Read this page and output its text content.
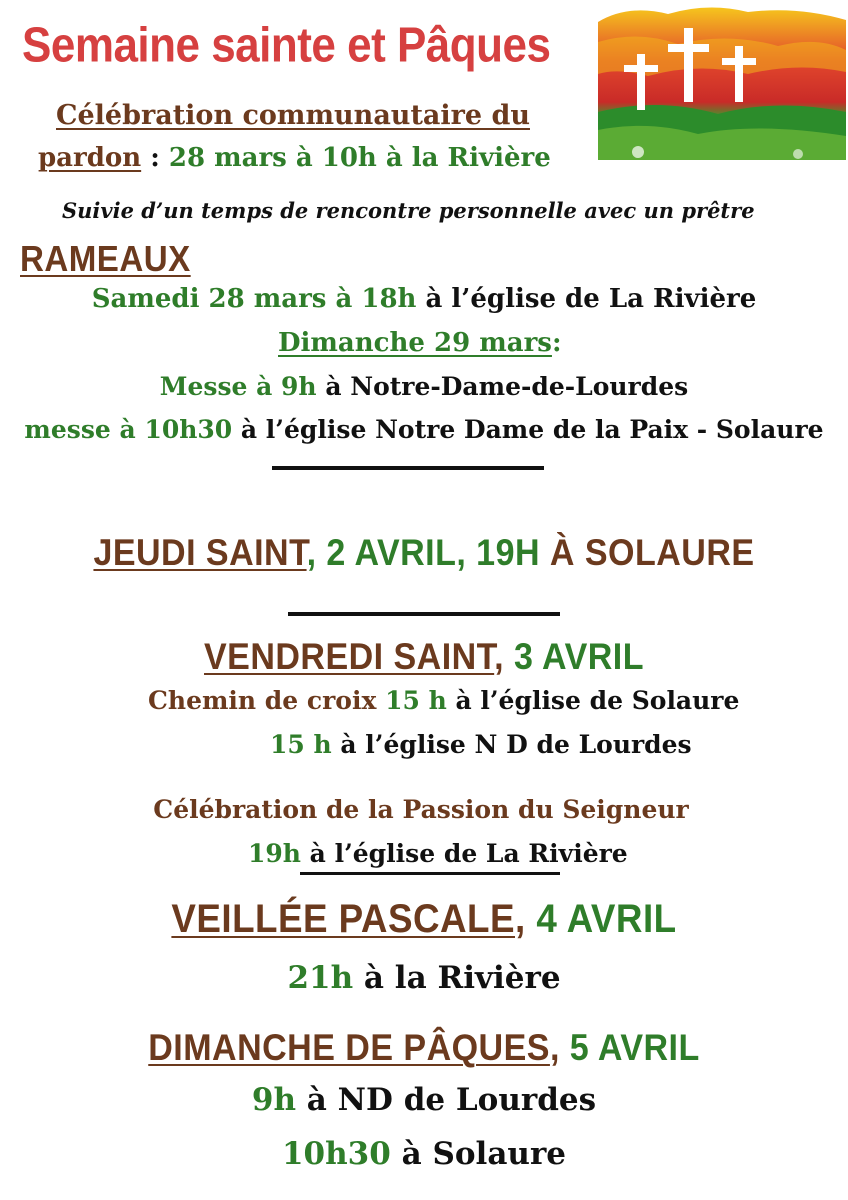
Semaine sainte et Pâques
Célébration communautaire du
pardon : 28 mars à 10h à la Rivière
Suivie d’un temps de rencontre personnelle avec un prêtre
RAMEAUX
Samedi 28 mars à 18h à l’église de La Rivière
Dimanche 29 mars:
Messe à 9h à Notre-Dame-de-Lourdes
messe à 10h30 à l’église Notre Dame de la Paix - Solaure
JEUDI SAINT, 2 AVRIL, 19H À SOLAURE
VENDREDI SAINT, 3 AVRIL
Chemin de croix 15 h à l’église de Solaure
15 h à l’église N D de Lourdes
Célébration de la Passion du Seigneur
19h à l’église de La Rivière
VEILLÉE PASCALE, 4 AVRIL
21h à la Rivière
DIMANCHE DE PÂQUES, 5 AVRIL
9h à ND de Lourdes
10h30 à Solaure
